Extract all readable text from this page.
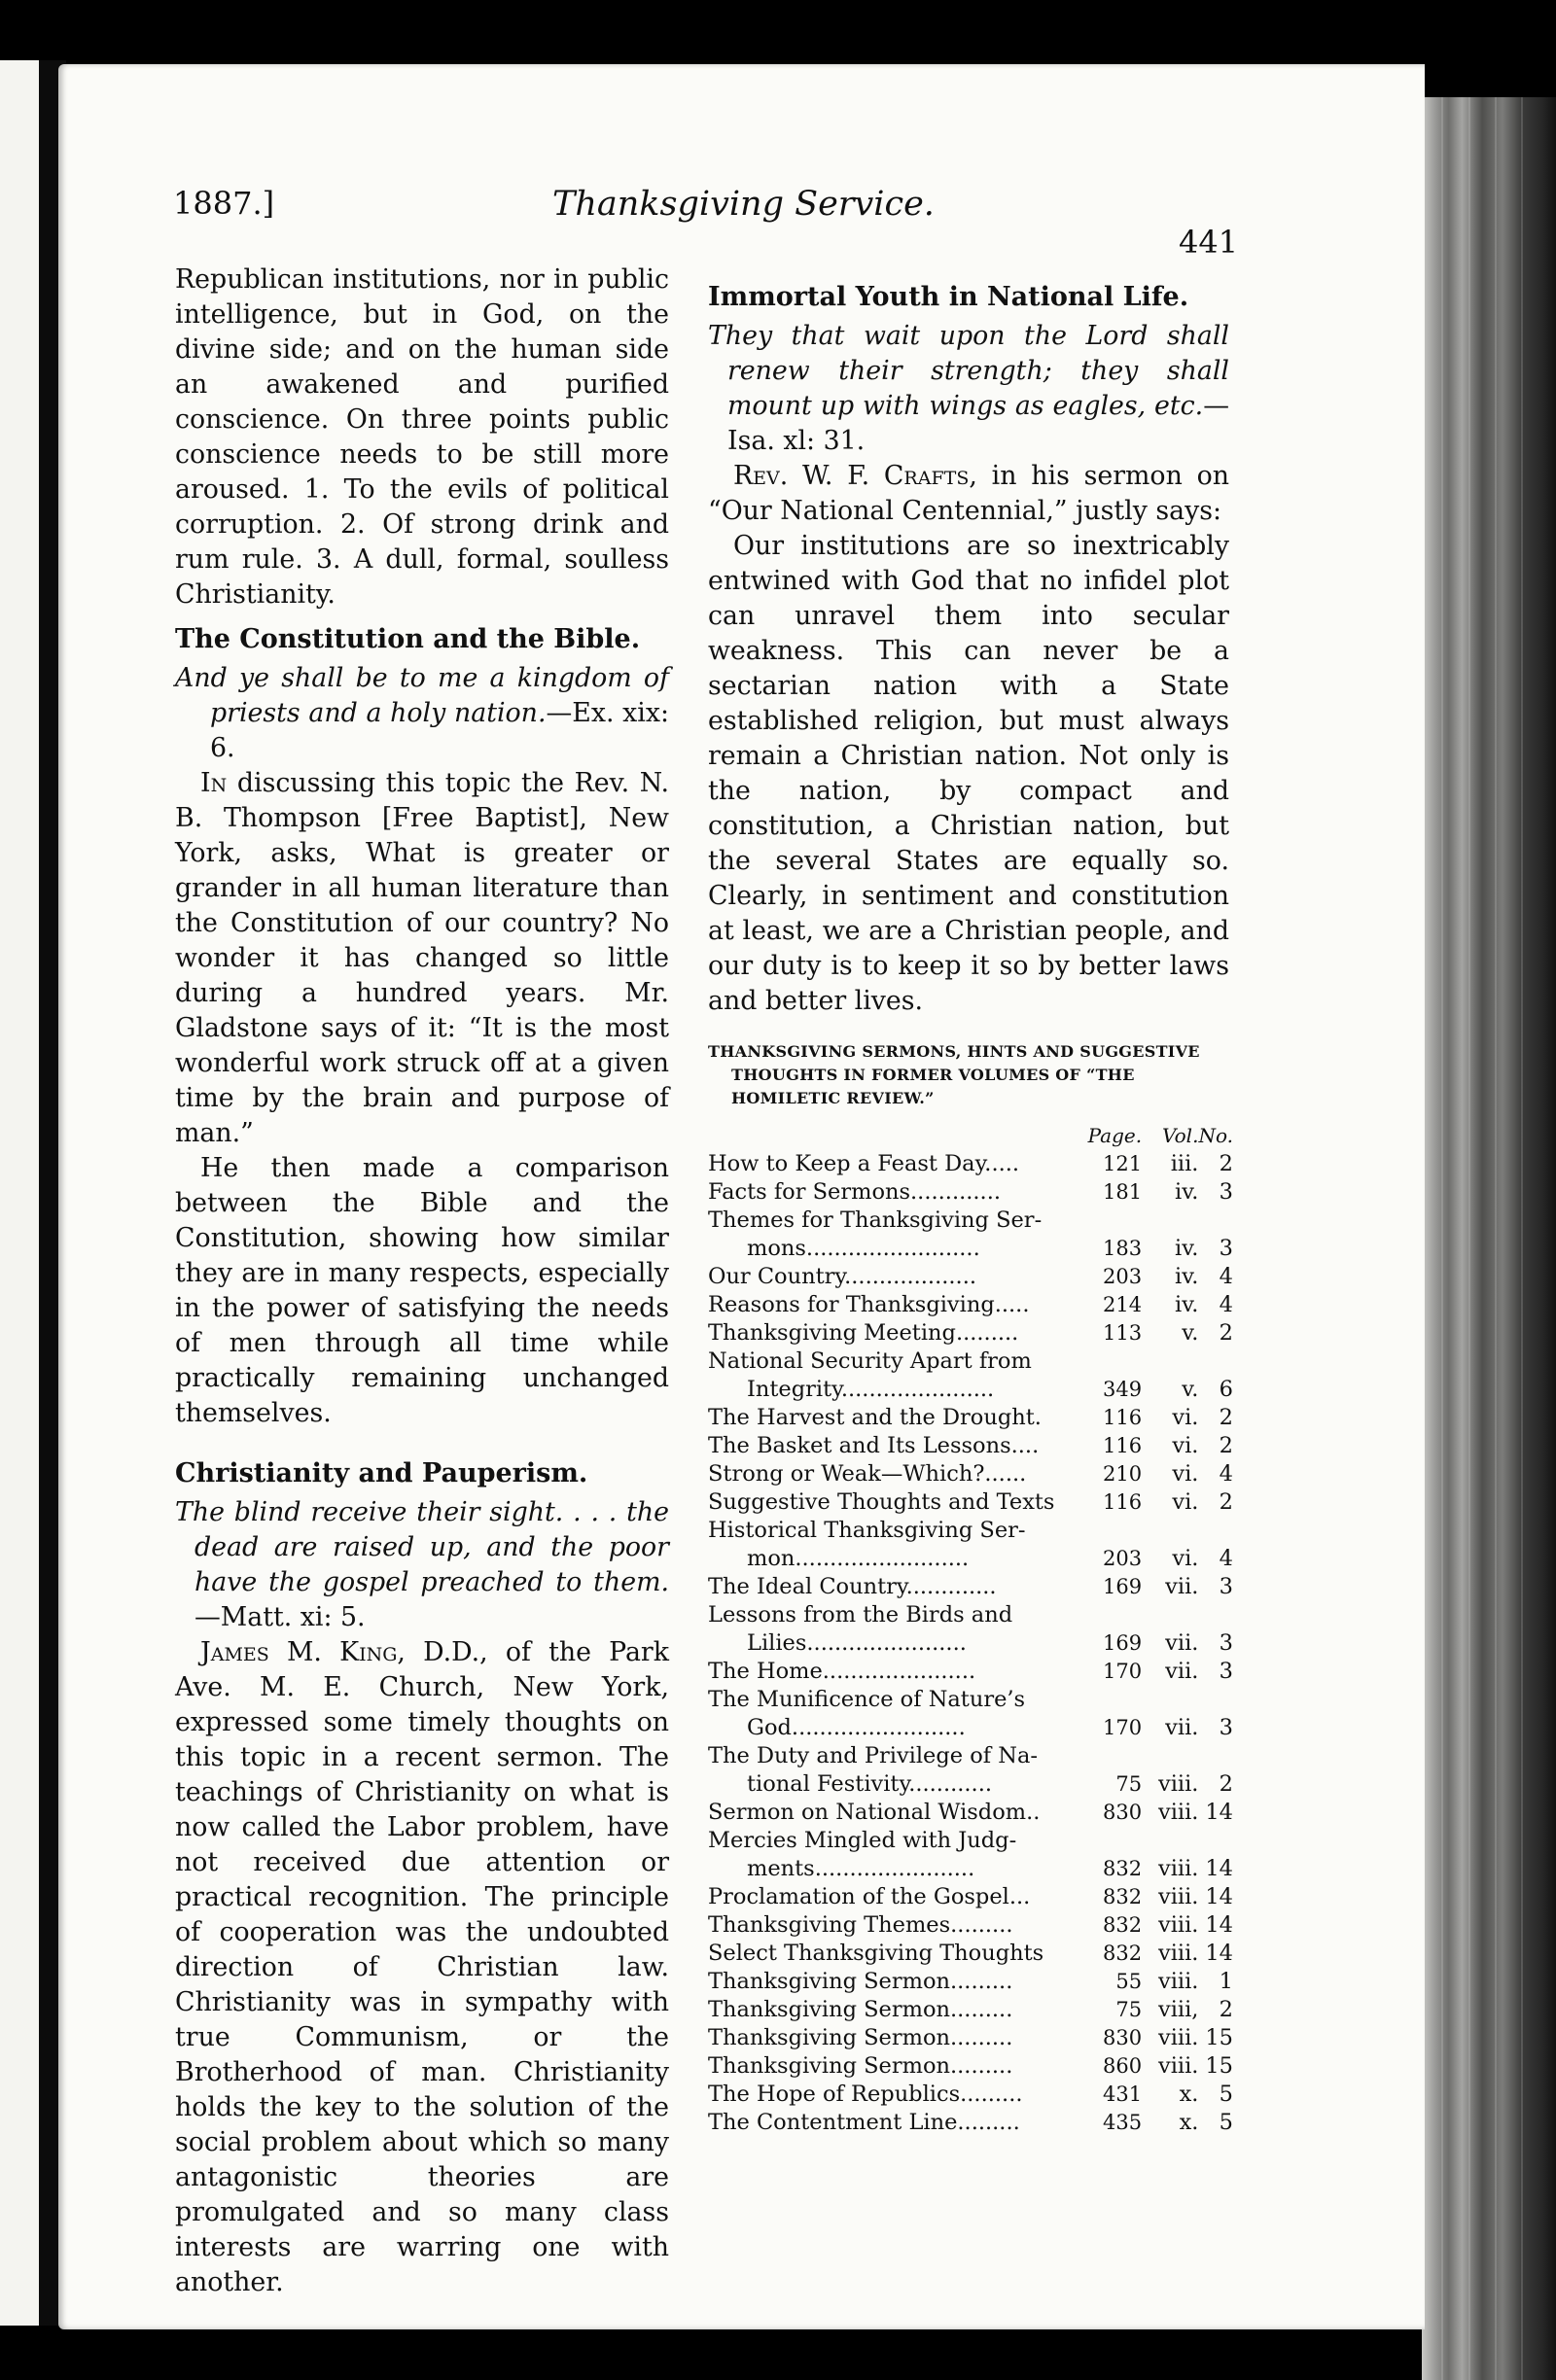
1887.]	Thanksgiving Service.
441

Republican institutions, nor in public intelligence, but in God, on the divine side; and on the human side an awakened and purified conscience. On three points public conscience needs to be still more aroused. 1. To the evils of political corruption. 2. Of strong drink and rum rule. 3. A dull, formal, soulless Christianity.

The Constitution and the Bible.

And ye shall be to me a kingdom of priests and a holy nation.—Ex. xix: 6.

In discussing this topic the Rev. N. B. Thompson [Free Baptist], New York, asks, What is greater or grander in all human literature than the Constitution of our country? No wonder it has changed so little during a hundred years. Mr. Gladstone says of it: “It is the most wonderful work struck off at a given time by the brain and purpose of man.”

He then made a comparison between the Bible and the Constitution, showing how similar they are in many respects, especially in the power of satisfying the needs of men through all time while practically remaining unchanged themselves.

Christianity and Pauperism.

The blind receive their sight. . . . the dead are raised up, and the poor have the gospel preached to them.—Matt. xi: 5.

James M. King, D.D., of the Park Ave. M. E. Church, New York, expressed some timely thoughts on this topic in a recent sermon. The teachings of Christianity on what is now called the Labor problem, have not received due attention or practical recognition. The principle of cooperation was the undoubted direction of Christian law. Christianity was in sympathy with true Communism, or the Brotherhood of man. Christianity holds the key to the solution of the social problem about which so many antagonistic theories are promulgated and so many class interests are warring one with another.

Immortal Youth in National Life.

They that wait upon the Lord shall renew their strength; they shall mount up with wings as eagles, etc.—Isa. xl: 31.

Rev. W. F. Crafts, in his sermon on “Our National Centennial,” justly says:

Our institutions are so inextricably entwined with God that no infidel plot can unravel them into secular weakness. This can never be a sectarian nation with a State established religion, but must always remain a Christian nation. Not only is the nation, by compact and constitution, a Christian nation, but the several States are equally so. Clearly, in sentiment and constitution at least, we are a Christian people, and our duty is to keep it so by better laws and better lives.

THANKSGIVING SERMONS, HINTS AND SUGGESTIVE THOUGHTS IN FORMER VOLUMES OF “THE HOMILETIC REVIEW.”
	Page.	Vol.	No.

How to Keep a Feast Day.....	121	iii.	2

Facts for Sermons.............	181	iv.	3

Themes for Thanksgiving Ser-
mons.........................	183	iv.	3

Our Country...................	203	iv.	4

Reasons for Thanksgiving.....	214	iv.	4

Thanksgiving Meeting.........	113	v.	2

National Security Apart from
Integrity......................	349	v.	6

The Harvest and the Drought.	116	vi.	2

The Basket and Its Lessons....	116	vi.	2

Strong or Weak—Which?......	210	vi.	4

Suggestive Thoughts and Texts	116	vi.	2

Historical Thanksgiving Ser-
mon.........................	203	vi.	4

The Ideal Country.............	169	vii.	3

Lessons from the Birds and
Lilies.......................	169	vii.	3

The Home......................	170	vii.	3

The Munificence of Nature’s
God.........................	170	vii.	3

The Duty and Privilege of Na-
tional Festivity............	75	viii.	2

Sermon on National Wisdom..	830	viii.	14

Mercies Mingled with Judg-
ments.......................	832	viii.	14

Proclamation of the Gospel...	832	viii.	14

Thanksgiving Themes.........	832	viii.	14

Select Thanksgiving Thoughts	832	viii.	14

Thanksgiving Sermon.........	55	viii.	1

Thanksgiving Sermon.........	75	viii,	2

Thanksgiving Sermon.........	830	viii.	15

Thanksgiving Sermon.........	860	viii.	15

The Hope of Republics.........	431	x.	5

The Contentment Line.........	435	x.	5
